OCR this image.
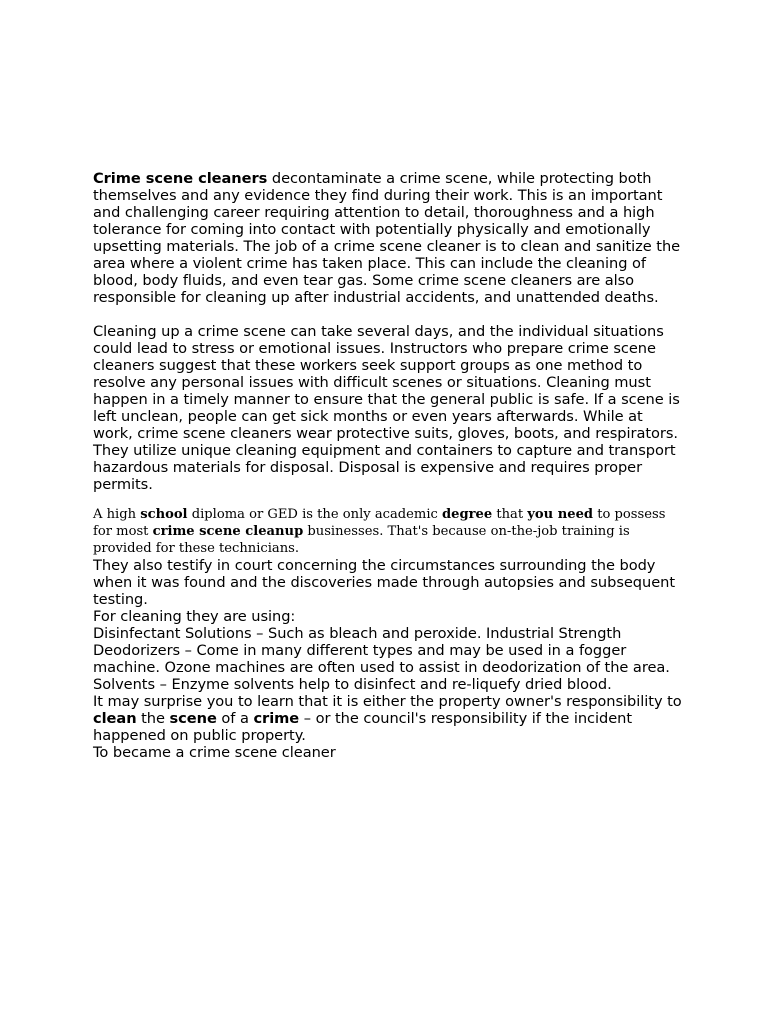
Crime scene cleaners decontaminate a crime scene, while protecting both themselves and any evidence they find during their work. This is an important and challenging career requiring attention to detail, thoroughness and a high tolerance for coming into contact with potentially physically and emotionally upsetting materials. The job of a crime scene cleaner is to clean and sanitize the area where a violent crime has taken place. This can include the cleaning of blood, body fluids, and even tear gas. Some crime scene cleaners are also responsible for cleaning up after industrial accidents, and unattended deaths.

Cleaning up a crime scene can take several days, and the individual situations could lead to stress or emotional issues. Instructors who prepare crime scene cleaners suggest that these workers seek support groups as one method to resolve any personal issues with difficult scenes or situations. Cleaning must happen in a timely manner to ensure that the general public is safe. If a scene is left unclean, people can get sick months or even years afterwards. While at work, crime scene cleaners wear protective suits, gloves, boots, and respirators. They utilize unique cleaning equipment and containers to capture and transport hazardous materials for disposal. Disposal is expensive and requires proper permits.

A high school diploma or GED is the only academic degree that you need to possess for most crime scene cleanup businesses. That's because on-the-job training is provided for these technicians.

They also testify in court concerning the circumstances surrounding the body when it was found and the discoveries made through autopsies and subsequent testing.

For cleaning they are using:

Disinfectant Solutions – Such as bleach and peroxide. Industrial Strength Deodorizers – Come in many different types and may be used in a fogger machine. Ozone machines are often used to assist in deodorization of the area. Solvents – Enzyme solvents help to disinfect and re-liquefy dried blood.

It may surprise you to learn that it is either the property owner's responsibility to clean the scene of a crime – or the council's responsibility if the incident happened on public property.

To became a crime scene cleaner
